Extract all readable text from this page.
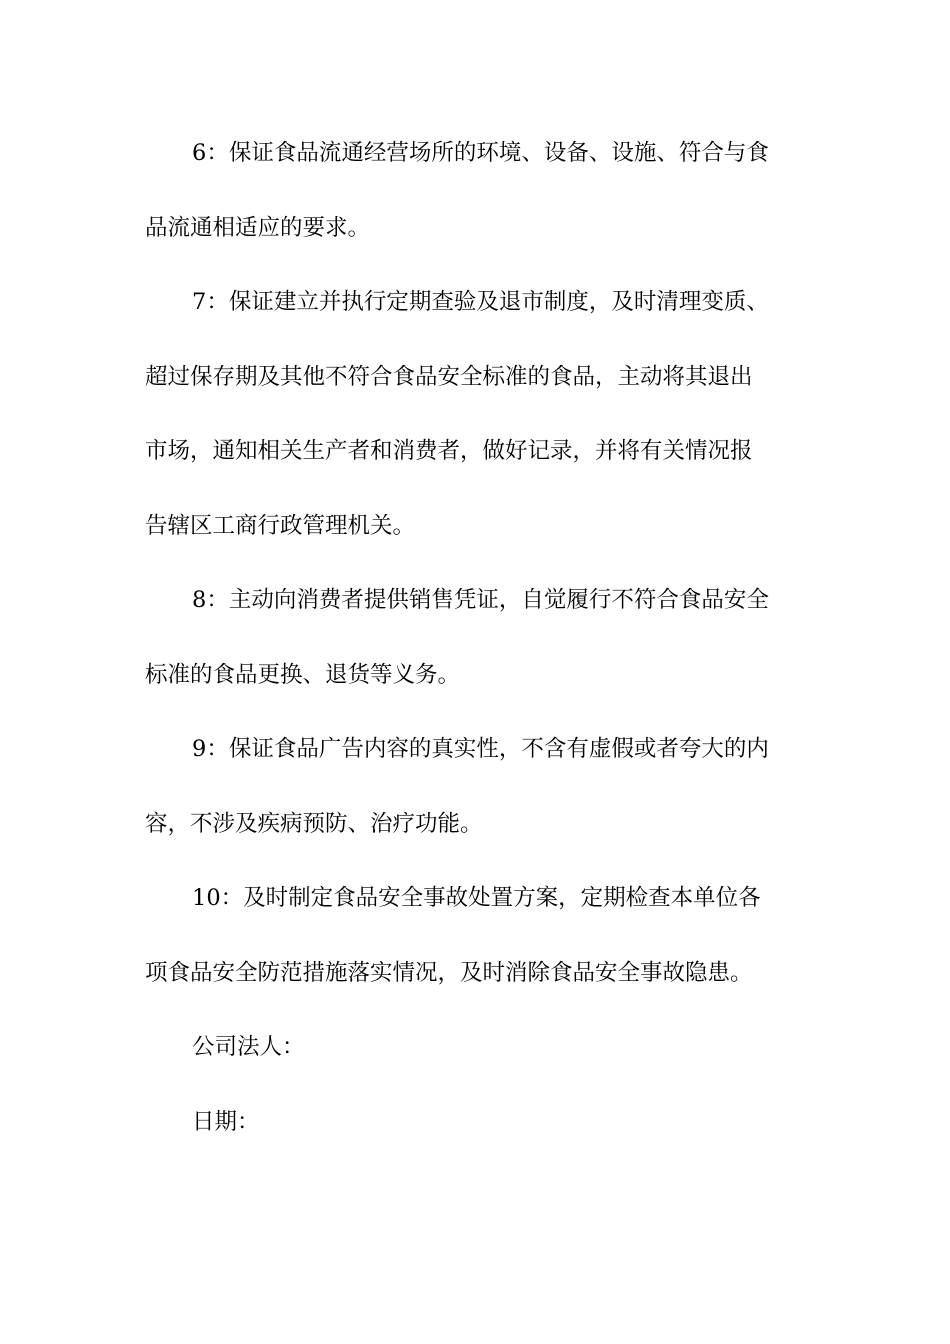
6：保证食品流通经营场所的环境、设备、设施、符合与食
品流通相适应的要求。
7：保证建立并执行定期查验及退市制度，及时清理变质、
超过保存期及其他不符合食品安全标准的食品，主动将其退出
市场，通知相关生产者和消费者，做好记录，并将有关情况报
告辖区工商行政管理机关。
8：主动向消费者提供销售凭证，自觉履行不符合食品安全
标准的食品更换、退货等义务。
9：保证食品广告内容的真实性，不含有虚假或者夸大的内
容，不涉及疾病预防、治疗功能。
10：及时制定食品安全事故处置方案，定期检查本单位各
项食品安全防范措施落实情况，及时消除食品安全事故隐患。
公司法人：
日期：
